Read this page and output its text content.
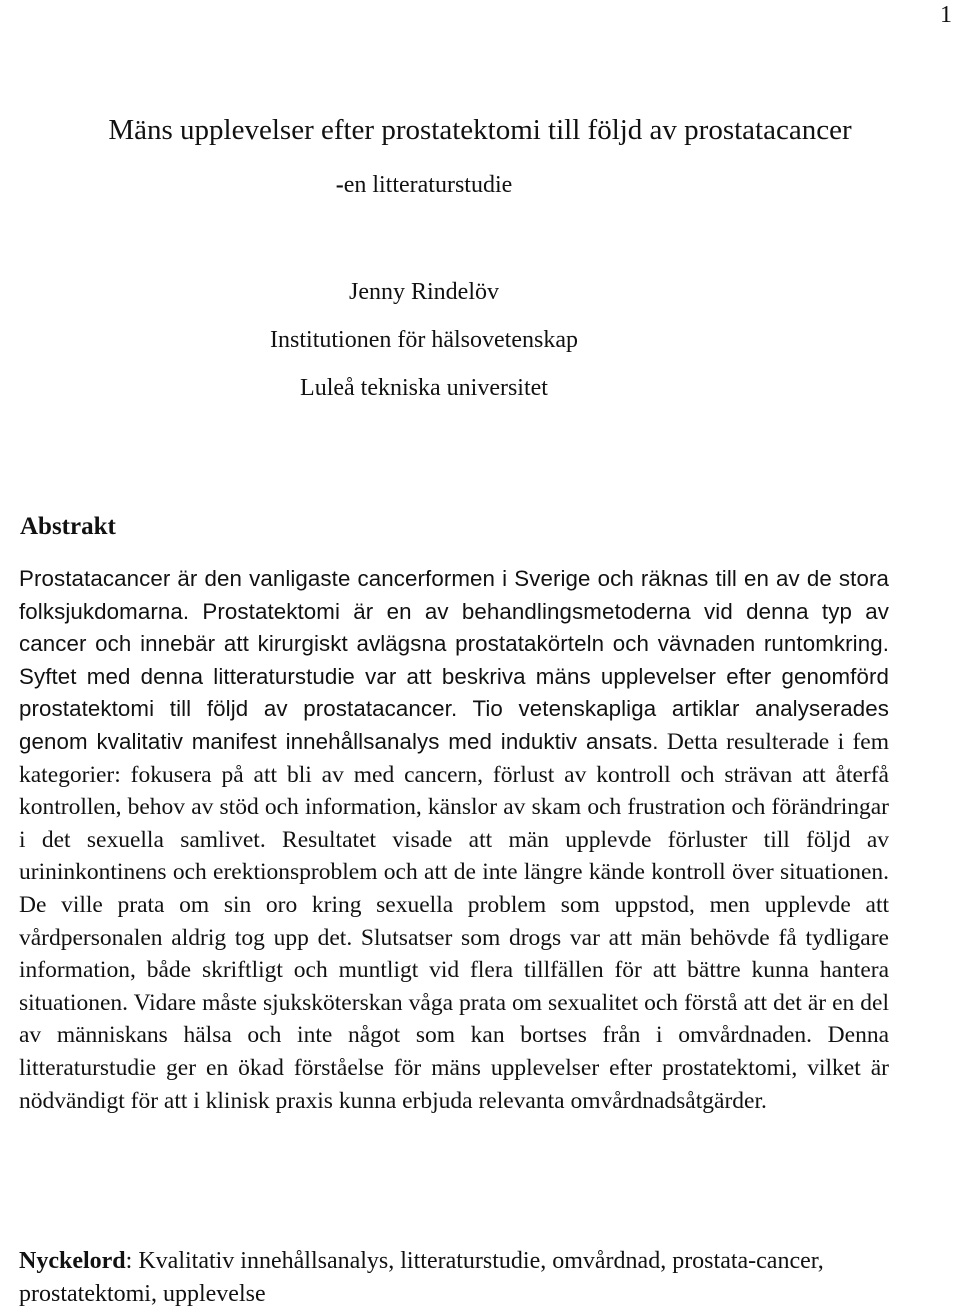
1
Mäns upplevelser efter prostatektomi till följd av prostatacancer
-en litteraturstudie
Jenny Rindelöv
Institutionen för hälsovetenskap
Luleå tekniska universitet
Abstrakt

Prostatacancer är den vanligaste cancerformen i Sverige och räknas till en av de stora folksjukdomarna. Prostatektomi är en av behandlingsmetoderna vid denna typ av cancer och innebär att kirurgiskt avlägsna prostatakörteln och vävnaden runtomkring. Syftet med denna litteraturstudie var att beskriva mäns upplevelser efter genomförd prostatektomi till följd av prostatacancer. Tio vetenskapliga artiklar analyserades genom kvalitativ manifest innehållsanalys med induktiv ansats. Detta resulterade i fem kategorier: fokusera på att bli av med cancern, förlust av kontroll och strävan att återfå kontrollen, behov av stöd och information, känslor av skam och frustration och förändringar i det sexuella samlivet. Resultatet visade att män upplevde förluster till följd av urininkontinens och erektionsproblem och att de inte längre kände kontroll över situationen. De ville prata om sin oro kring sexuella problem som uppstod, men upplevde att vårdpersonalen aldrig tog upp det. Slutsatser som drogs var att män behövde få tydligare information, både skriftligt och muntligt vid flera tillfällen för att bättre kunna hantera situationen. Vidare måste sjuksköterskan våga prata om sexualitet och förstå att det är en del av människans hälsa och inte något som kan bortses från i omvårdnaden. Denna litteraturstudie ger en ökad förståelse för mäns upplevelser efter prostatektomi, vilket är nödvändigt för att i klinisk praxis kunna erbjuda relevanta omvårdnadsåtgärder.

Nyckelord: Kvalitativ innehållsanalys, litteraturstudie, omvårdnad, prostata-cancer, prostatektomi, upplevelse
